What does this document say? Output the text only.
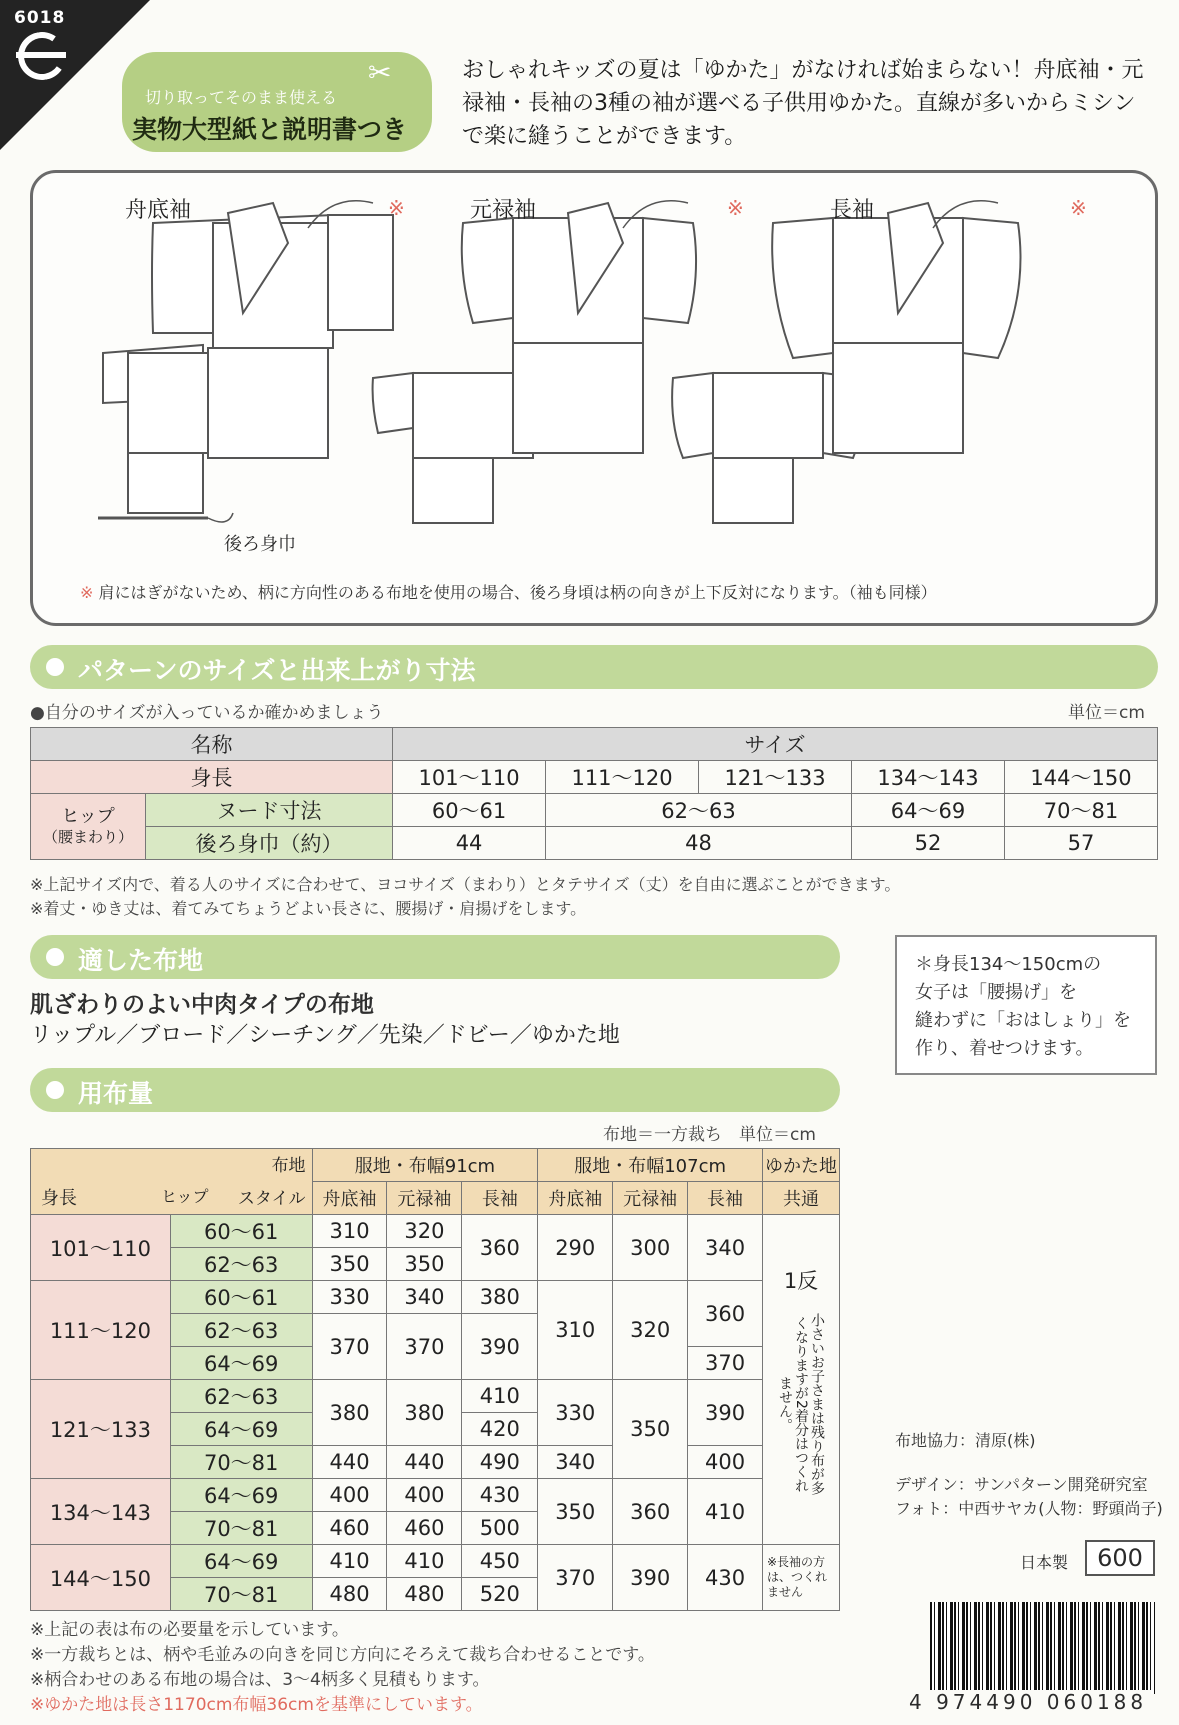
6018
切り取ってそのまま使える
実物大型紙と説明書つき
✂	おしゃれキッズの夏は「ゆかた」がなければ始まらない！舟底袖・元禄袖・長袖の3種の袖が選べる子供用ゆかた。直線が多いからミシンで楽に縫うことができます。
舟底袖	元禄袖	長袖
※	※	※
後ろ身巾
※ 肩にはぎがないため、柄に方向性のある布地を使用の場合、後ろ身頃は柄の向きが上下反対になります。（袖も同様）
パターンのサイズと出来上がり寸法
●自分のサイズが入っているか確かめましょう	単位＝cm
名称		サイズ				
身長		101〜110	111〜120	121〜133	134〜143	144〜150
ヒップ
（腰まわり）	ヌード寸法	60〜61	62〜63		64〜69	70〜81
	後ろ身巾（約）	44	48		52	57
※上記サイズ内で、着る人のサイズに合わせて、ヨコサイズ（まわり）とタテサイズ（丈）を自由に選ぶことができます。
※着丈・ゆき丈は、着てみてちょうどよい長さに、腰揚げ・肩揚げをします。
適した布地
肌ざわりのよい中肉タイプの布地
リップル／ブロード／シーチング／先染／ドビー／ゆかた地
＊身長134〜150cmの
女子は「腰揚げ」を
縫わずに「おはしょり」を
作り、着せつけます。
用布量
布地＝一方裁ち　単位＝cm
布地
スタイル
ヒップ
身長		服地・布幅91cm			服地・布幅107cm			ゆかた地
		舟底袖	元禄袖	長袖	舟底袖	元禄袖	長袖	共通
101〜110	60〜61	310	320	360	290	300	340	1反
小さいお子さまは残り布が多くなりますが2着分はつくれません。

	62〜63	350	350					
111〜120	60〜61	330	340	380	310	320	360	
	62〜63	370	370	390				
	64〜69						370	
121〜133	62〜63	380	380	410	330	350	390	
	64〜69			420				
	70〜81	440	440	490	340		400	
134〜143	64〜69	400	400	430	350	360	410	
	70〜81	460	460	500				
144〜150	64〜69	410	410	450	370	390	430	※長袖の方は、つくれません
	70〜81	480	480	520				
※上記の表は布の必要量を示しています。
※一方裁ちとは、柄や毛並みの向きを同じ方向にそろえて裁ち合わせることです。
※柄合わせのある布地の場合は、3〜4柄多く見積もります。
※ゆかた地は長さ1170cm布幅36cmを基準にしています。
布地協力：清原(株)
デザイン：サンパターン開発研究室
フォト：中西サヤカ(人物：野頭尚子)
日本製	600
4 974490 060188
